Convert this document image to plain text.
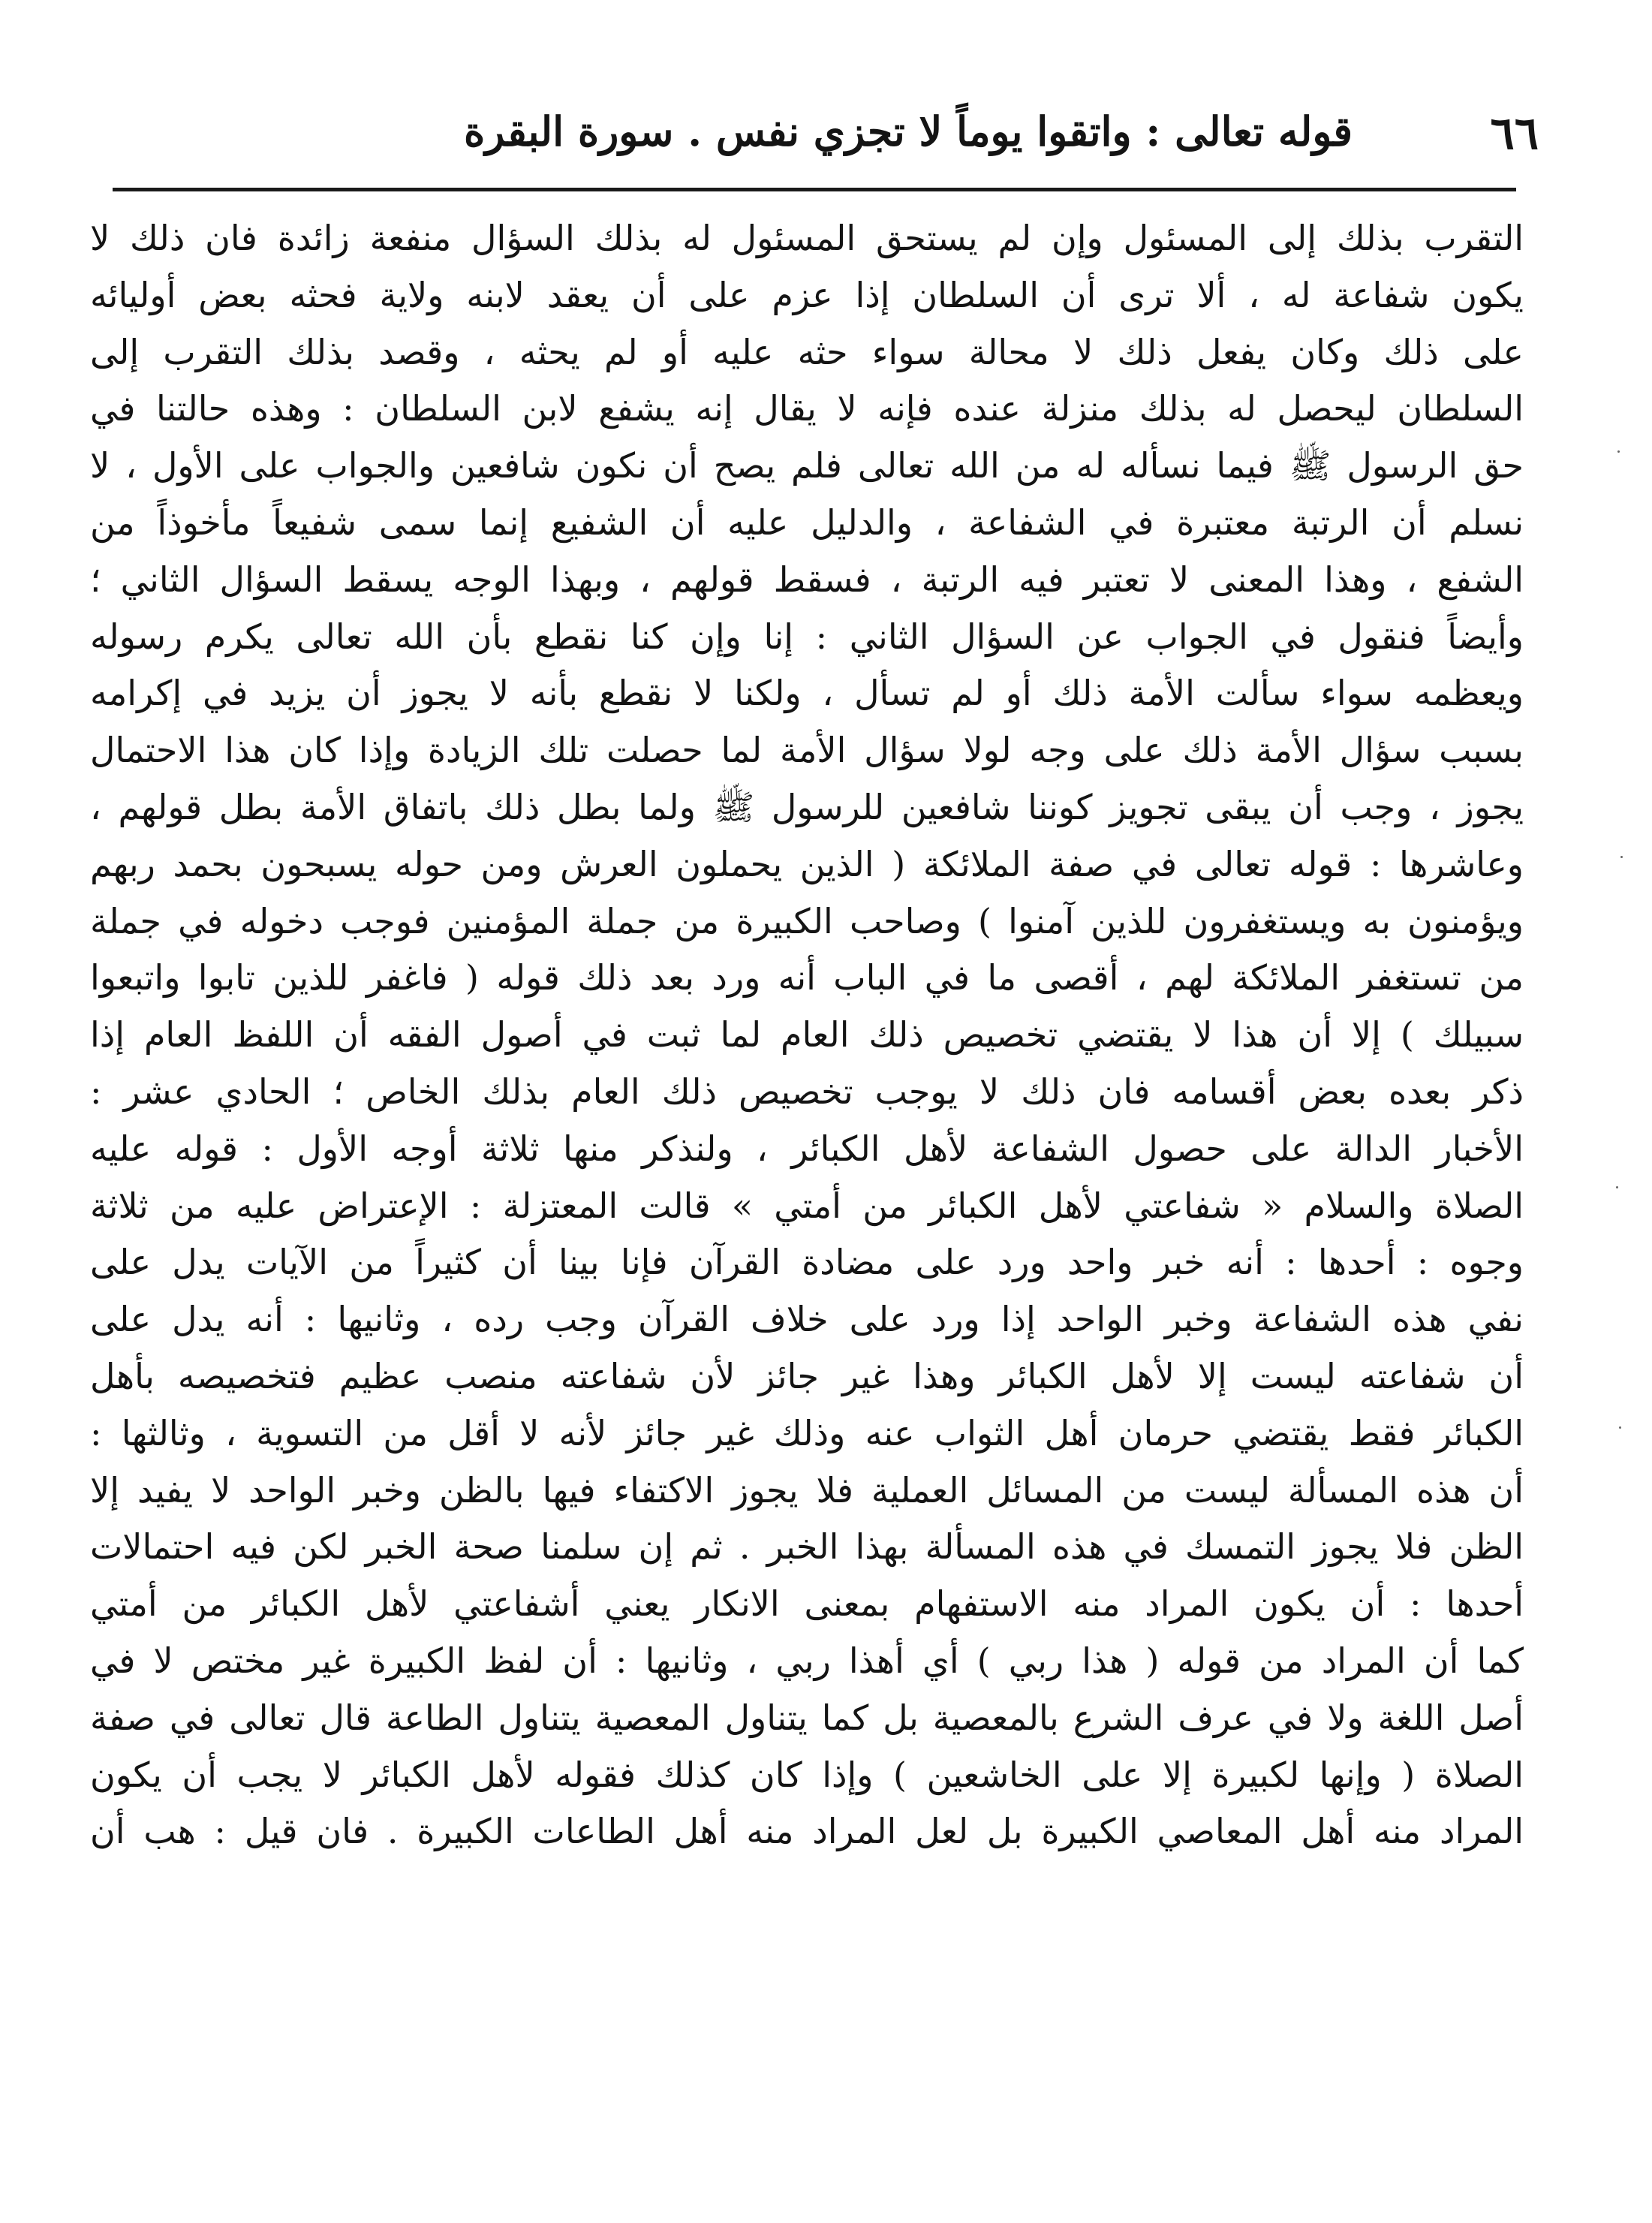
٦٦
قوله تعالى : واتقوا يوماً لا تجزي نفس . سورة البقرة
التقرب بذلك إلى المسئول وإن لم يستحق المسئول له بذلك السؤال منفعة زائدة فان ذلك لا
يكون شفاعة له ، ألا ترى أن السلطان إذا عزم على أن يعقد لابنه ولاية فحثه بعض أوليائه
على ذلك وكان يفعل ذلك لا محالة سواء حثه عليه أو لم يحثه ، وقصد بذلك التقرب إلى
السلطان ليحصل له بذلك منزلة عنده فإنه لا يقال إنه يشفع لابن السلطان : وهذه حالتنا في
حق الرسول ﷺ فيما نسأله له من الله تعالى فلم يصح أن نكون شافعين والجواب على الأول ، لا
نسلم أن الرتبة معتبرة في الشفاعة ، والدليل عليه أن الشفيع إنما سمى شفيعاً مأخوذاً من
الشفع ، وهذا المعنى لا تعتبر فيه الرتبة ، فسقط قولهم ، وبهذا الوجه يسقط السؤال الثاني ؛
وأيضاً فنقول في الجواب عن السؤال الثاني : إنا وإن كنا نقطع بأن الله تعالى يكرم رسوله
ويعظمه سواء سألت الأمة ذلك أو لم تسأل ، ولكنا لا نقطع بأنه لا يجوز أن يزيد في إكرامه
بسبب سؤال الأمة ذلك على وجه لولا سؤال الأمة لما حصلت تلك الزيادة وإذا كان هذا الاحتمال
يجوز ، وجب أن يبقى تجويز كوننا شافعين للرسول ﷺ ولما بطل ذلك باتفاق الأمة بطل قولهم ،
وعاشرها : قوله تعالى في صفة الملائكة ( الذين يحملون العرش ومن حوله يسبحون بحمد ربهم
ويؤمنون به ويستغفرون للذين آمنوا ) وصاحب الكبيرة من جملة المؤمنين فوجب دخوله في جملة
من تستغفر الملائكة لهم ، أقصى ما في الباب أنه ورد بعد ذلك قوله ( فاغفر للذين تابوا واتبعوا
سبيلك ) إلا أن هذا لا يقتضي تخصيص ذلك العام لما ثبت في أصول الفقه أن اللفظ العام إذا
ذكر بعده بعض أقسامه فان ذلك لا يوجب تخصيص ذلك العام بذلك الخاص ؛ الحادي عشر :
الأخبار الدالة على حصول الشفاعة لأهل الكبائر ، ولنذكر منها ثلاثة أوجه الأول : قوله عليه
الصلاة والسلام « شفاعتي لأهل الكبائر من أمتي » قالت المعتزلة : الإعتراض عليه من ثلاثة
وجوه : أحدها : أنه خبر واحد ورد على مضادة القرآن فإنا بينا أن كثيراً من الآيات يدل على
نفي هذه الشفاعة وخبر الواحد إذا ورد على خلاف القرآن وجب رده ، وثانيها : أنه يدل على
أن شفاعته ليست إلا لأهل الكبائر وهذا غير جائز لأن شفاعته منصب عظيم فتخصيصه بأهل
الكبائر فقط يقتضي حرمان أهل الثواب عنه وذلك غير جائز لأنه لا أقل من التسوية ، وثالثها :
أن هذه المسألة ليست من المسائل العملية فلا يجوز الاكتفاء فيها بالظن وخبر الواحد لا يفيد إلا
الظن فلا يجوز التمسك في هذه المسألة بهذا الخبر . ثم إن سلمنا صحة الخبر لكن فيه احتمالات
أحدها : أن يكون المراد منه الاستفهام بمعنى الانكار يعني أشفاعتي لأهل الكبائر من أمتي
كما أن المراد من قوله ( هذا ربي ) أي أهذا ربي ، وثانيها : أن لفظ الكبيرة غير مختص لا في
أصل اللغة ولا في عرف الشرع بالمعصية بل كما يتناول المعصية يتناول الطاعة قال تعالى في صفة
الصلاة ( وإنها لكبيرة إلا على الخاشعين ) وإذا كان كذلك فقوله لأهل الكبائر لا يجب أن يكون
المراد منه أهل المعاصي الكبيرة بل لعل المراد منه أهل الطاعات الكبيرة . فان قيل : هب أن
